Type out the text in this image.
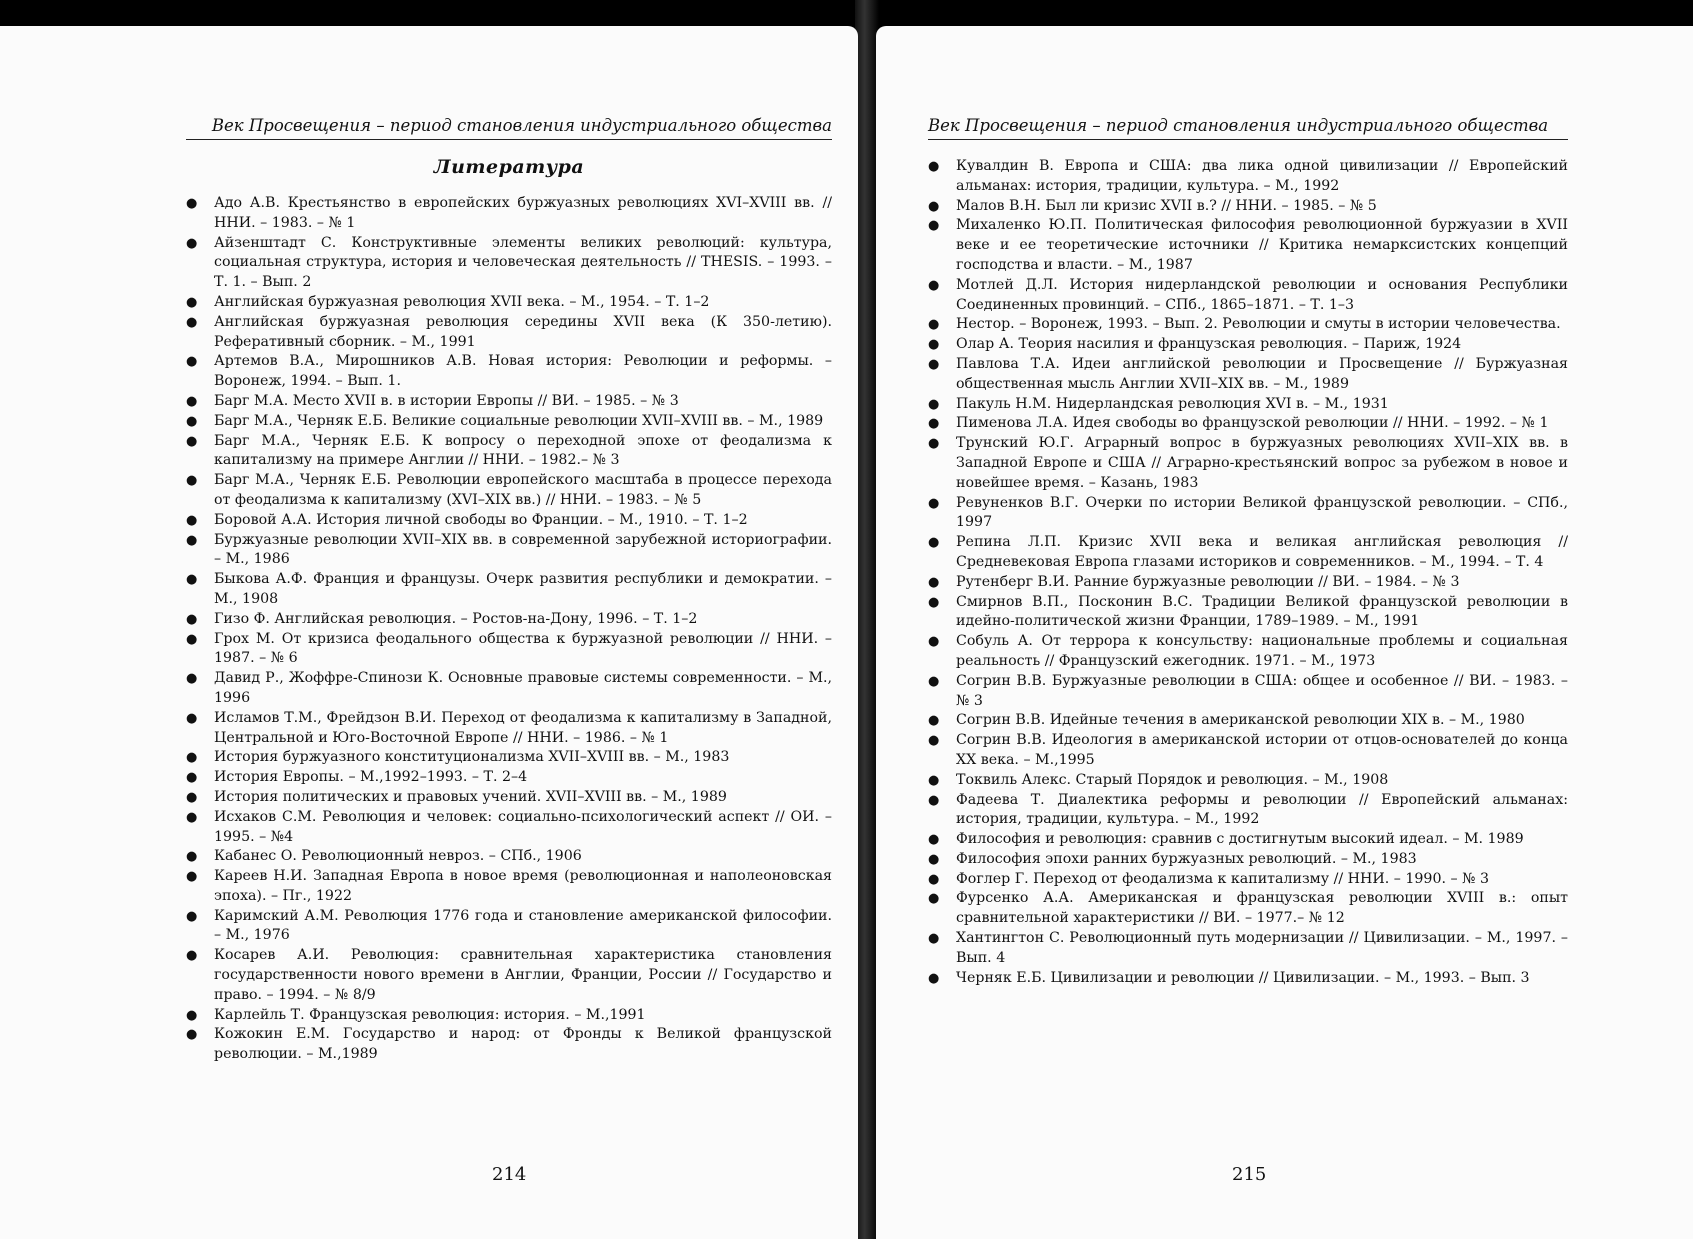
Век Просвещения – период становления индустриального общества
Литература
● Адо А.В. Крестьянство в европейских буржуазных революциях XVI–XVIII вв. // ННИ. – 1983. – № 1
● Айзенштадт С. Конструктивные элементы великих революций: культура, социальная структура, история и человеческая деятельность // THESIS. – 1993. – Т. 1. – Вып. 2
● Английская буржуазная революция XVII века. – М., 1954. – Т. 1–2
● Английская буржуазная революция середины XVII века (К 350-летию). Реферативный сборник. – М., 1991
● Артемов В.А., Мирошников А.В. Новая история: Революции и реформы. – Воронеж, 1994. – Вып. 1.
● Барг М.А. Место XVII в. в истории Европы // ВИ. – 1985. – № 3
● Барг М.А., Черняк Е.Б. Великие социальные революции XVII–XVIII вв. – М., 1989
● Барг М.А., Черняк Е.Б. К вопросу о переходной эпохе от феодализма к капитализму на примере Англии // ННИ. – 1982.– № 3
● Барг М.А., Черняк Е.Б. Революции европейского масштаба в процессе перехода от феодализма к капитализму (XVI–XIX вв.) // ННИ. – 1983. – № 5
● Боровой А.А. История личной свободы во Франции. – М., 1910. – Т. 1–2
● Буржуазные революции XVII–XIX вв. в современной зарубежной историографии. – М., 1986
● Быкова А.Ф. Франция и французы. Очерк развития республики и демократии. – М., 1908
● Гизо Ф. Английская революция. – Ростов-на-Дону, 1996. – Т. 1–2
● Грох М. От кризиса феодального общества к буржуазной революции // ННИ. – 1987. – № 6
● Давид Р., Жоффре-Спинози К. Основные правовые системы современности. – М., 1996
● Исламов Т.М., Фрейдзон В.И. Переход от феодализма к капитализму в Западной, Центральной и Юго-Восточной Европе // ННИ. – 1986. – № 1
● История буржуазного конституционализма XVII–XVIII вв. – М., 1983
● История Европы. – М.,1992–1993. – Т. 2–4
● История политических и правовых учений. XVII–XVIII вв. – М., 1989
● Исхаков С.М. Революция и человек: социально-психологический аспект // ОИ. – 1995. – №4
● Кабанес О. Революционный невроз. – СПб., 1906
● Кареев Н.И. Западная Европа в новое время (революционная и наполеоновская эпоха). – Пг., 1922
● Каримский А.М. Революция 1776 года и становление американской философии. – М., 1976
● Косарев А.И. Революция: сравнительная характеристика становления государственности нового времени в Англии, Франции, России // Государство и право. – 1994. – № 8/9
● Карлейль Т. Французская революция: история. – М.,1991
● Кожокин Е.М. Государство и народ: от Фронды к Великой французской революции. – М.,1989
214
Век Просвещения – период становления индустриального общества
● Кувалдин В. Европа и США: два лика одной цивилизации // Европейский альманах: история, традиции, культура. – М., 1992
● Малов В.Н. Был ли кризис XVII в.? // ННИ. – 1985. – № 5
● Михаленко Ю.П. Политическая философия революционной буржуазии в XVII веке и ее теоретические источники // Критика немарксистских концепций господства и власти. – М., 1987
● Мотлей Д.Л. История нидерландской революции и основания Республики Соединенных провинций. – СПб., 1865–1871. – Т. 1–3
● Нестор. – Воронеж, 1993. – Вып. 2. Революции и смуты в истории человечества.
● Олар А. Теория насилия и французская революция. – Париж, 1924
● Павлова Т.А. Идеи английской революции и Просвещение // Буржуазная общественная мысль Англии XVII–XIX вв. – М., 1989
● Пакуль Н.М. Нидерландская революция XVI в. – М., 1931
● Пименова Л.А. Идея свободы во французской революции // ННИ. – 1992. – № 1
● Трунский Ю.Г. Аграрный вопрос в буржуазных революциях XVII–XIX вв. в Западной Европе и США // Аграрно-крестьянский вопрос за рубежом в новое и новейшее время. – Казань, 1983
● Ревуненков В.Г. Очерки по истории Великой французской революции. – СПб., 1997
● Репина Л.П. Кризис XVII века и великая английская революция // Средневековая Европа глазами историков и современников. – М., 1994. – Т. 4
● Рутенберг В.И. Ранние буржуазные революции // ВИ. – 1984. – № 3
● Смирнов В.П., Посконин В.С. Традиции Великой французской революции в идейно-политической жизни Франции, 1789–1989. – М., 1991
● Собуль А. От террора к консульству: национальные проблемы и социальная реальность // Французский ежегодник. 1971. – М., 1973
● Согрин В.В. Буржуазные революции в США: общее и особенное // ВИ. – 1983. – № 3
● Согрин В.В. Идейные течения в американской революции XIX в. – М., 1980
● Согрин В.В. Идеология в американской истории от отцов-основателей до конца XX века. – М.,1995
● Токвиль Алекс. Старый Порядок и революция. – М., 1908
● Фадеева Т. Диалектика реформы и революции // Европейский альманах: история, традиции, культура. – М., 1992
● Философия и революция: сравнив с достигнутым высокий идеал. – М. 1989
● Философия эпохи ранних буржуазных революций. – М., 1983
● Фоглер Г. Переход от феодализма к капитализму // ННИ. – 1990. – № 3
● Фурсенко А.А. Американская и французская революции XVIII в.: опыт сравнительной характеристики // ВИ. – 1977.– № 12
● Хантингтон С. Революционный путь модернизации // Цивилизации. – М., 1997. – Вып. 4
● Черняк Е.Б. Цивилизации и революции // Цивилизации. – М., 1993. – Вып. 3
215
